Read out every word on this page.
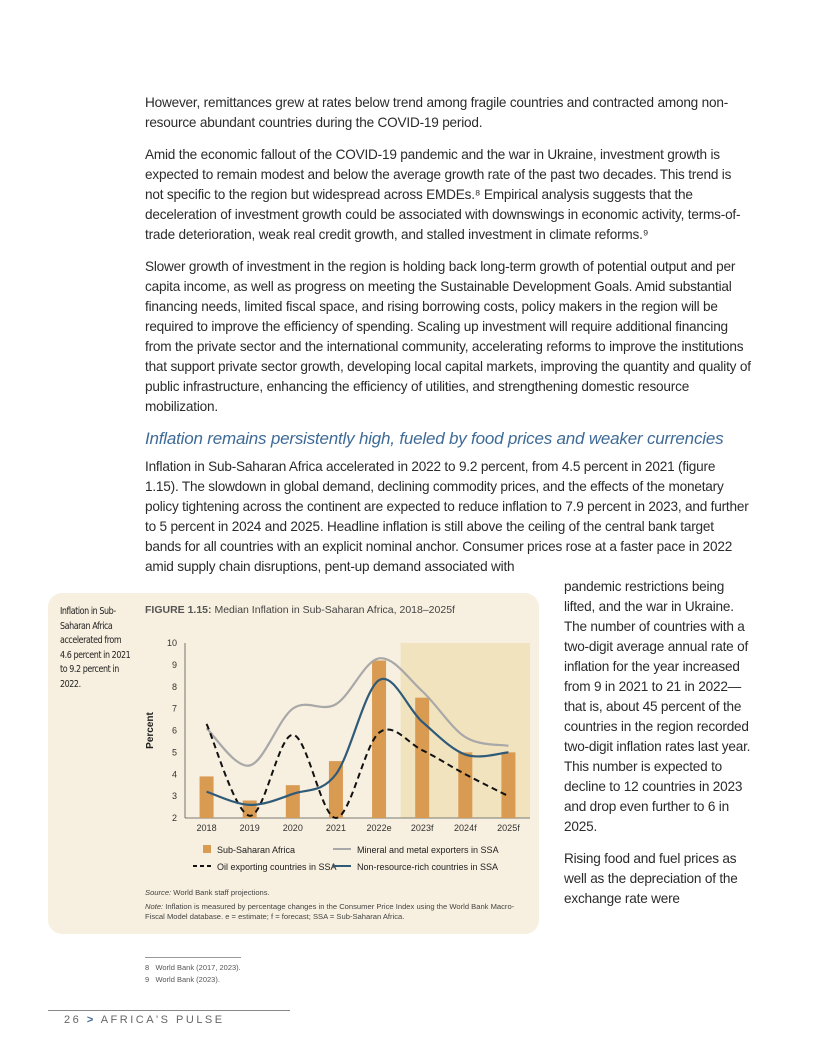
However, remittances grew at rates below trend among fragile countries and contracted among non-resource abundant countries during the COVID-19 period.

Amid the economic fallout of the COVID-19 pandemic and the war in Ukraine, investment growth is expected to remain modest and below the average growth rate of the past two decades. This trend is not specific to the region but widespread across EMDEs.⁸ Empirical analysis suggests that the deceleration of investment growth could be associated with downswings in economic activity, terms-of-trade deterioration, weak real credit growth, and stalled investment in climate reforms.⁹

Slower growth of investment in the region is holding back long-term growth of potential output and per capita income, as well as progress on meeting the Sustainable Development Goals. Amid substantial financing needs, limited fiscal space, and rising borrowing costs, policy makers in the region will be required to improve the efficiency of spending. Scaling up investment will require additional financing from the private sector and the international community, accelerating reforms to improve the institutions that support private sector growth, developing local capital markets, improving the quantity and quality of public infrastructure, enhancing the efficiency of utilities, and strengthening domestic resource mobilization.

Inflation remains persistently high, fueled by food prices and weaker currencies

Inflation in Sub-Saharan Africa accelerated in 2022 to 9.2 percent, from 4.5 percent in 2021 (figure 1.15). The slowdown in global demand, declining commodity prices, and the effects of the monetary policy tightening across the continent are expected to reduce inflation to 7.9 percent in 2023, and further to 5 percent in 2024 and 2025. Headline inflation is still above the ceiling of the central bank target bands for all countries with an explicit nominal anchor. Consumer prices rose at a faster pace in 2022 amid supply chain disruptions, pent-up demand associated with

Inflation in Sub-Saharan Africa accelerated from 4.6 percent in 2021 to 9.2 percent in 2022.
FIGURE 1.15: Median Inflation in Sub-Saharan Africa, 2018–2025f
2
3
4
5
6
7
8
9
10
2018	2019	2020	2021 2022e 2023f 2024f 2025f
Percent
Sub-Saharan Africa	Mineral and metal exporters in SSA
Oil exporting countries in SSA Non-resource-rich countries in SSA
Source: World Bank staff projections.
Note: Inflation is measured by percentage changes in the Consumer Price Index using the World Bank Macro-Fiscal Model database. e = estimate; f = forecast; SSA = Sub-Saharan Africa.

pandemic restrictions being lifted, and the war in Ukraine. The number of countries with a two-digit average annual rate of inflation for the year increased from 9 in 2021 to 21 in 2022—that is, about 45 percent of the countries in the region recorded two-digit inflation rates last year. This number is expected to decline to 12 countries in 2023 and drop even further to 6 in 2025.

Rising food and fuel prices as well as the depreciation of the exchange rate were

8 World Bank (2017, 2023).
9 World Bank (2023).
26 > AFRICA'S PULSE
